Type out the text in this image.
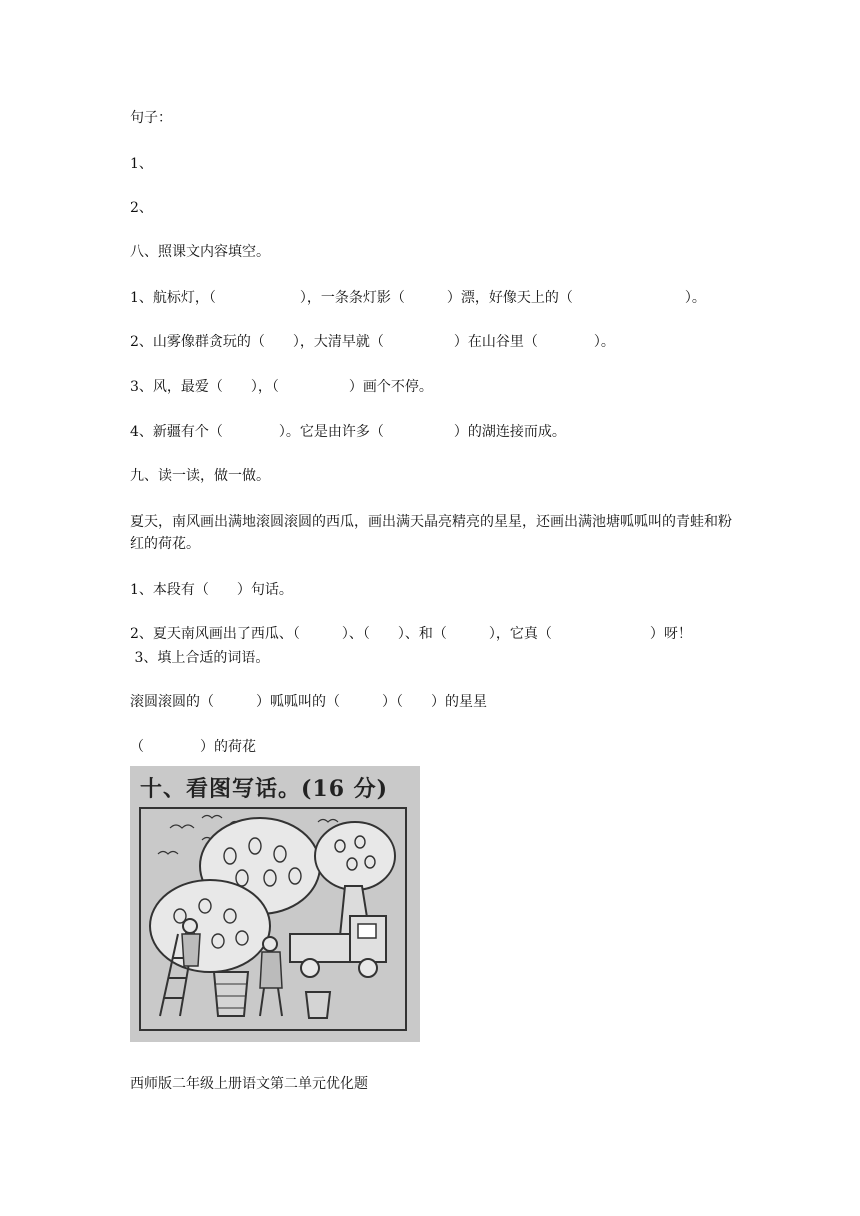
句子：

1、

2、

八、照课文内容填空。

1、航标灯，（　　　　　　），一条条灯影（　　　）漂，好像天上的（　　　　　　　　）。

2、山雾像群贪玩的（　　），大清早就（　　　　　）在山谷里（　　　　）。

3、风，最爱（　　），（　　　　　）画个不停。

4、新疆有个（　　　　）。它是由许多（　　　　　）的湖连接而成。

九、读一读，做一做。

夏天，南风画出满地滚圆滚圆的西瓜，画出满天晶亮精亮的星星，还画出满池塘呱呱叫的青蛙和粉红的荷花。

1、本段有（　　）句话。

2、夏天南风画出了西瓜、（　　　）、（　　）、和（　　　），它真（　　　　　　　）呀！

3、填上合适的词语。

滚圆滚圆的（　　　）呱呱叫的（　　　）（　　）的星星

（　　　　）的荷花

十、看图写话。(16 分)

西师版二年级上册语文第二单元优化题
